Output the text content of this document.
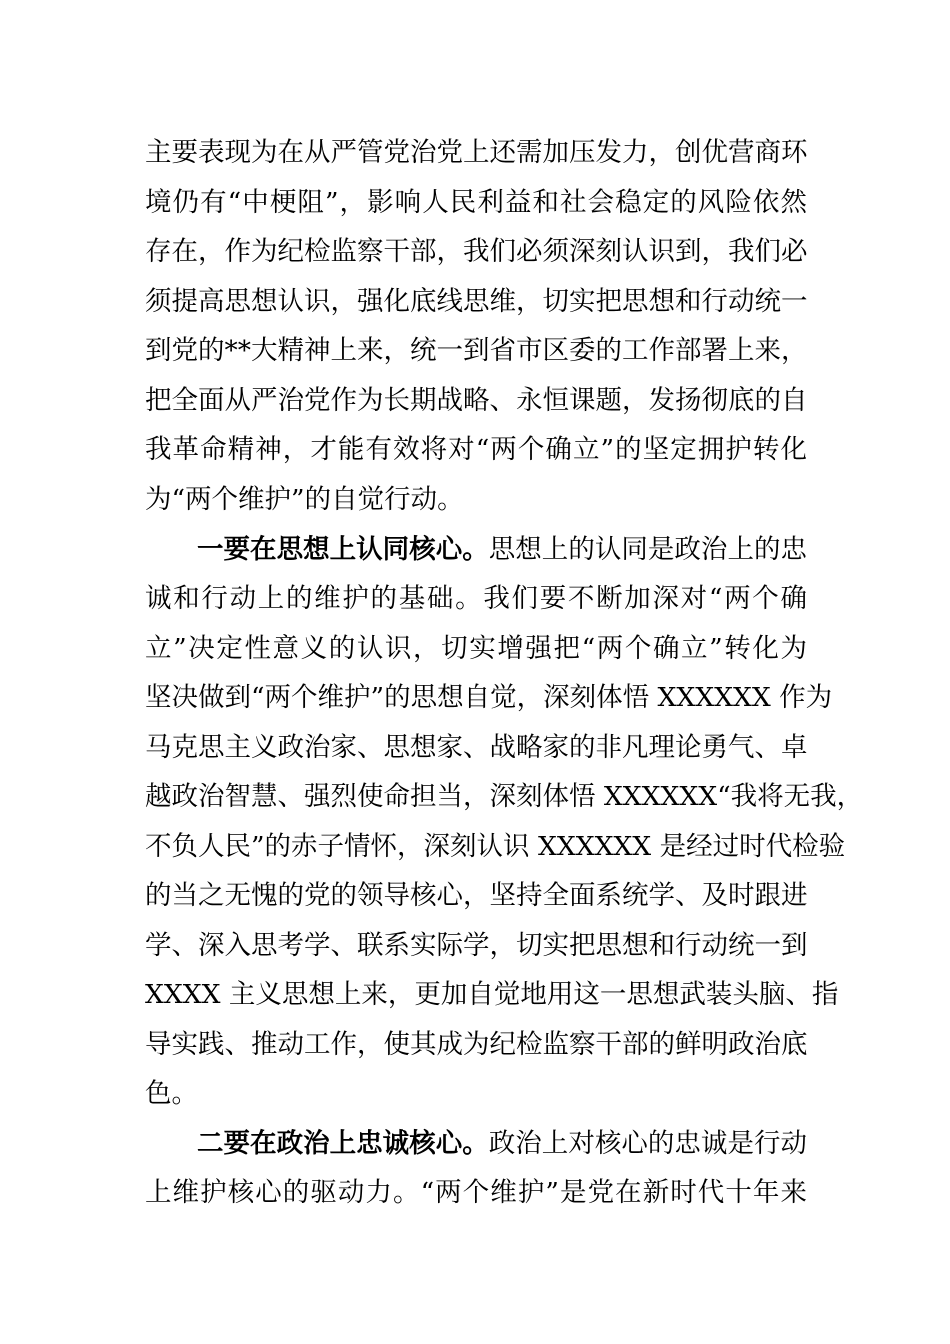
主要表现为在从严管党治党上还需加压发力，创优营商环
境仍有“中梗阻”，影响人民利益和社会稳定的风险依然
存在，作为纪检监察干部，我们必须深刻认识到，我们必
须提高思想认识，强化底线思维，切实把思想和行动统一
到党的**大精神上来，统一到省市区委的工作部署上来，
把全面从严治党作为长期战略、永恒课题，发扬彻底的自
我革命精神，才能有效将对“两个确立”的坚定拥护转化
为“两个维护”的自觉行动。
一要在思想上认同核心。思想上的认同是政治上的忠
诚和行动上的维护的基础。我们要不断加深对“两个确
立”决定性意义的认识，切实增强把“两个确立”转化为
坚决做到“两个维护”的思想自觉，深刻体悟 XXXXXX 作为
马克思主义政治家、思想家、战略家的非凡理论勇气、卓
越政治智慧、强烈使命担当，深刻体悟 XXXXXX“我将无我，
不负人民”的赤子情怀，深刻认识 XXXXXX 是经过时代检验
的当之无愧的党的领导核心，坚持全面系统学、及时跟进
学、深入思考学、联系实际学，切实把思想和行动统一到
XXXX 主义思想上来，更加自觉地用这一思想武装头脑、指
导实践、推动工作，使其成为纪检监察干部的鲜明政治底
色。
二要在政治上忠诚核心。政治上对核心的忠诚是行动
上维护核心的驱动力。“两个维护”是党在新时代十年来
